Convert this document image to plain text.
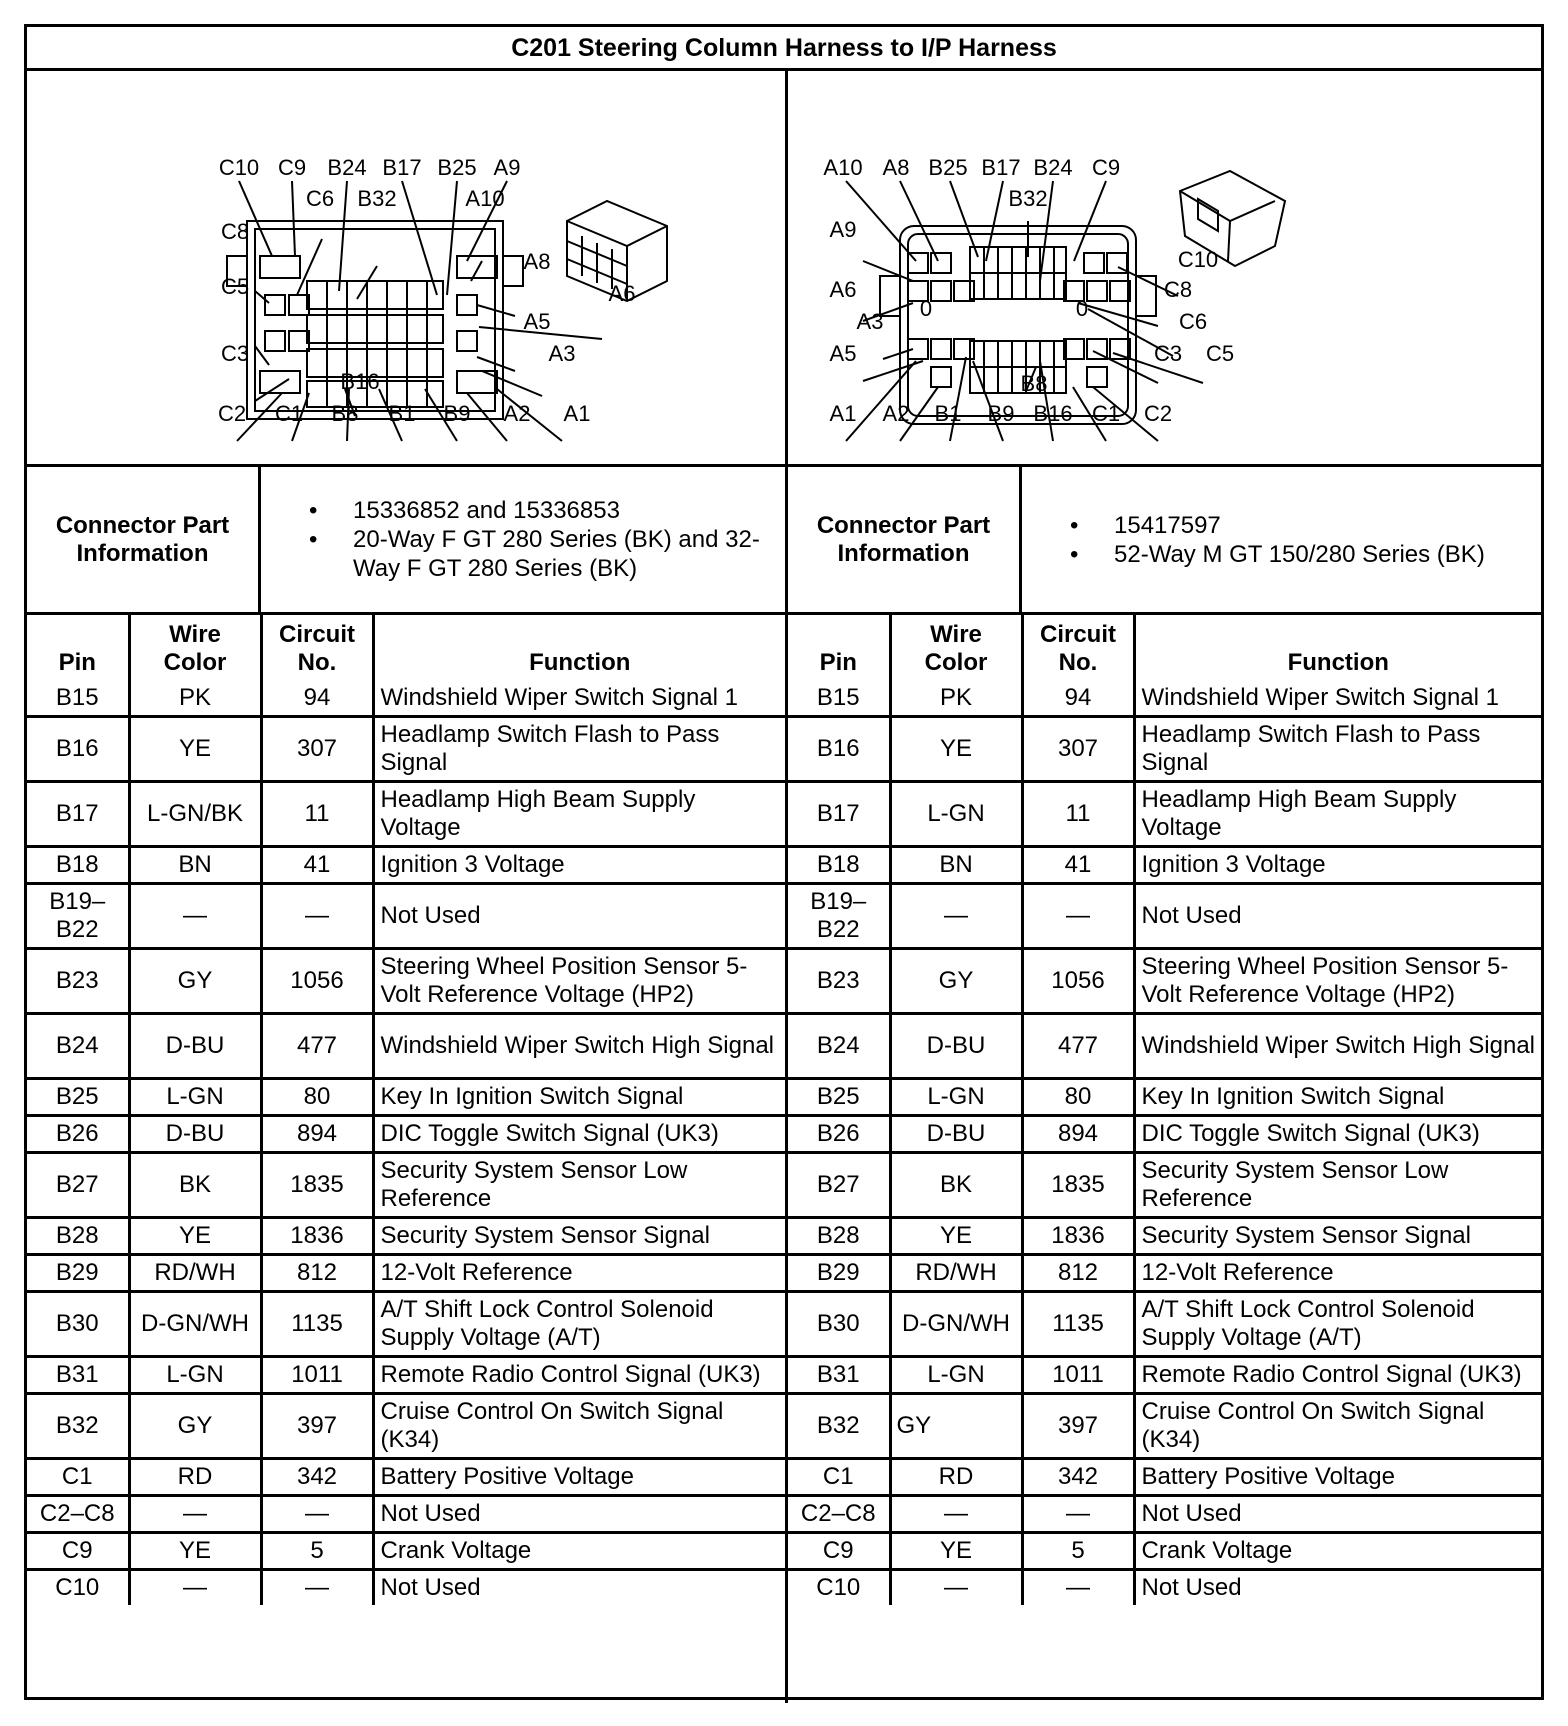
C201 Steering Column Harness to I/P Harness
C10 C9 B24 B17 B25 A9
C6 B32	A10
C8
C5
C3
A8
A6
A5
A3
B16
C2 C1 B8 B1 B9 A2 A1
A10 A8 B25 B17 B24 C9
B32
A9
A6
A3
A5
C10
C8
C6
C3 C5
0	0
B8
A1 A2 B1 B9 B16 C1 C2
Connector Part Information
• 15336852 and 15336853
• 20-Way F GT 280 Series (BK) and 32-Way F GT 280 Series (BK)
Connector Part Information
• 15417597
• 52-Way M GT 150/280 Series (BK)
Pin	Wire Color	Circuit No.	Function
B15	PK	94	Windshield Wiper Switch Signal 1
B16	YE	307	Headlamp Switch Flash to Pass Signal
B17	L-GN/BK	11	Headlamp High Beam Supply Voltage
B18	BN	41	Ignition 3 Voltage
B19–B22	—	—	Not Used
B23	GY	1056	Steering Wheel Position Sensor 5-Volt Reference Voltage (HP2)
B24	D-BU	477	Windshield Wiper Switch High Signal
B25	L-GN	80	Key In Ignition Switch Signal
B26	D-BU	894	DIC Toggle Switch Signal (UK3)
B27	BK	1835	Security System Sensor Low Reference
B28	YE	1836	Security System Sensor Signal
B29	RD/WH	812	12-Volt Reference
B30	D-GN/WH	1135	A/T Shift Lock Control Solenoid Supply Voltage (A/T)
B31	L-GN	1011	Remote Radio Control Signal (UK3)
B32	GY	397	Cruise Control On Switch Signal (K34)
C1	RD	342	Battery Positive Voltage
C2–C8	—	—	Not Used
C9	YE	5	Crank Voltage
C10	—	—	Not Used
Pin	Wire Color	Circuit No.	Function
B15	PK	94	Windshield Wiper Switch Signal 1
B16	YE	307	Headlamp Switch Flash to Pass Signal
B17	L-GN	11	Headlamp High Beam Supply Voltage
B18	BN	41	Ignition 3 Voltage
B19–B22	—	—	Not Used
B23	GY	1056	Steering Wheel Position Sensor 5-Volt Reference Voltage (HP2)
B24	D-BU	477	Windshield Wiper Switch High Signal
B25	L-GN	80	Key In Ignition Switch Signal
B26	D-BU	894	DIC Toggle Switch Signal (UK3)
B27	BK	1835	Security System Sensor Low Reference
B28	YE	1836	Security System Sensor Signal
B29	RD/WH	812	12-Volt Reference
B30	D-GN/WH	1135	A/T Shift Lock Control Solenoid Supply Voltage (A/T)
B31	L-GN	1011	Remote Radio Control Signal (UK3)
B32	GY	397	Cruise Control On Switch Signal (K34)
C1	RD	342	Battery Positive Voltage
C2–C8	—	—	Not Used
C9	YE	5	Crank Voltage
C10	—	—	Not Used
